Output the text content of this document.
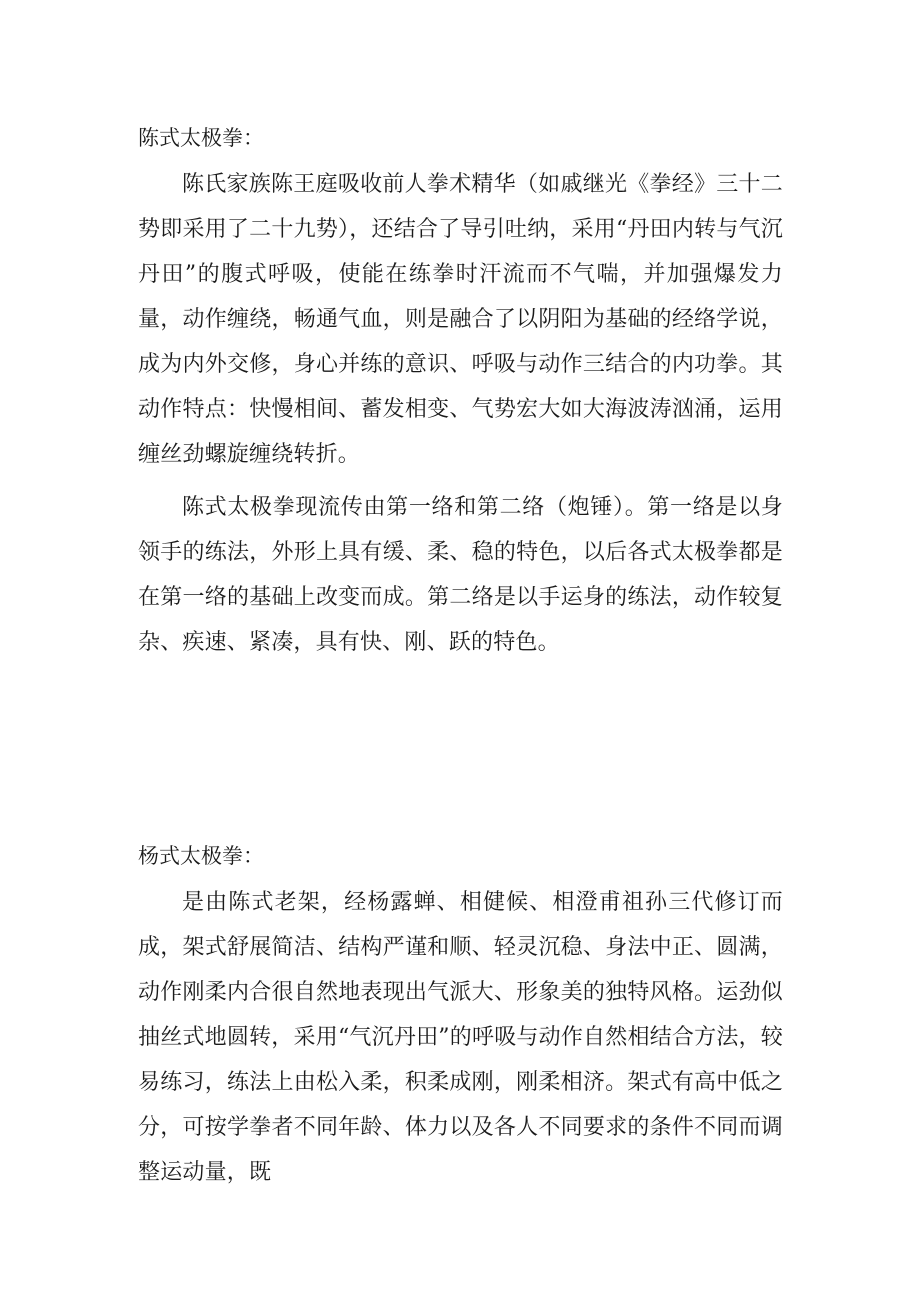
陈式太极拳：

陈氏家族陈王庭吸收前人拳术精华（如戚继光《拳经》三十二势即采用了二十九势），还结合了导引吐纳，采用“丹田内转与气沉丹田”的腹式呼吸，使能在练拳时汗流而不气喘，并加强爆发力量，动作缠绕，畅通气血，则是融合了以阴阳为基础的经络学说，成为内外交修，身心并练的意识、呼吸与动作三结合的内功拳。其动作特点：快慢相间、蓄发相变、气势宏大如大海波涛汹涌，运用缠丝劲螺旋缠绕转折。

陈式太极拳现流传由第一络和第二络（炮锤）。第一络是以身领手的练法，外形上具有缓、柔、稳的特色，以后各式太极拳都是在第一络的基础上改变而成。第二络是以手运身的练法，动作较复杂、疾速、紧凑，具有快、刚、跃的特色。

杨式太极拳：

是由陈式老架，经杨露蝉、相健候、相澄甫祖孙三代修订而成，架式舒展简洁、结构严谨和顺、轻灵沉稳、身法中正、圆满，动作刚柔内合很自然地表现出气派大、形象美的独特风格。运劲似抽丝式地圆转，采用“气沉丹田”的呼吸与动作自然相结合方法，较易练习，练法上由松入柔，积柔成刚，刚柔相济。架式有高中低之分，可按学拳者不同年龄、体力以及各人不同要求的条件不同而调整运动量，既
